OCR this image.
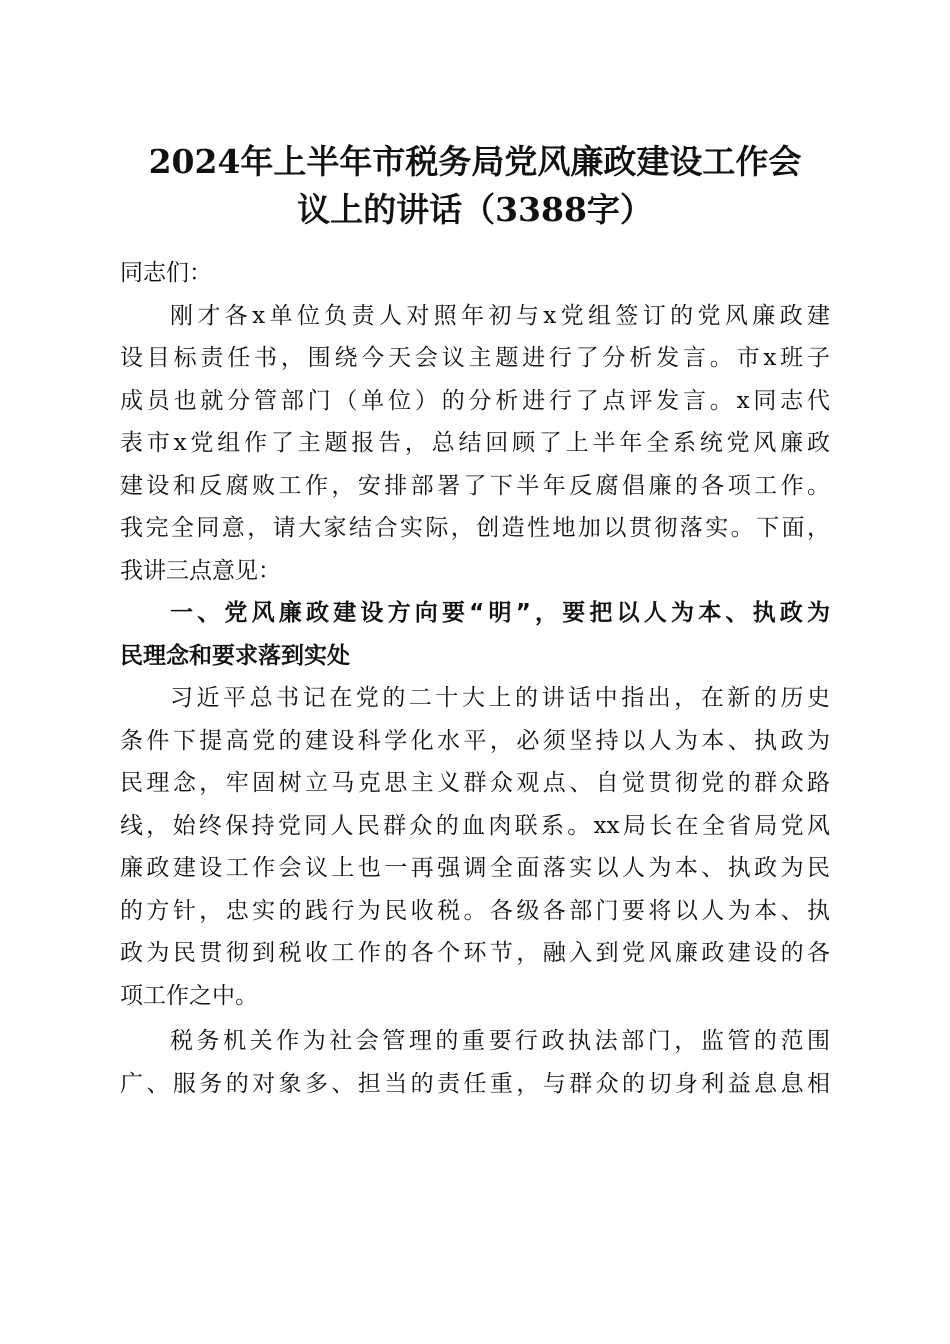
2024年上半年市税务局党风廉政建设工作会
议上的讲话（3388字）
同志们：
刚才各x单位负责人对照年初与x党组签订的党风廉政建
设目标责任书，围绕今天会议主题进行了分析发言。市x班子
成员也就分管部门（单位）的分析进行了点评发言。x同志代
表市x党组作了主题报告，总结回顾了上半年全系统党风廉政
建设和反腐败工作，安排部署了下半年反腐倡廉的各项工作。
我完全同意，请大家结合实际，创造性地加以贯彻落实。下面，
我讲三点意见：
一、党风廉政建设方向要“明”，要把以人为本、执政为
民理念和要求落到实处
习近平总书记在党的二十大上的讲话中指出，在新的历史
条件下提高党的建设科学化水平，必须坚持以人为本、执政为
民理念，牢固树立马克思主义群众观点、自觉贯彻党的群众路
线，始终保持党同人民群众的血肉联系。xx局长在全省局党风
廉政建设工作会议上也一再强调全面落实以人为本、执政为民
的方针，忠实的践行为民收税。各级各部门要将以人为本、执
政为民贯彻到税收工作的各个环节，融入到党风廉政建设的各
项工作之中。
税务机关作为社会管理的重要行政执法部门，监管的范围
广、服务的对象多、担当的责任重，与群众的切身利益息息相
